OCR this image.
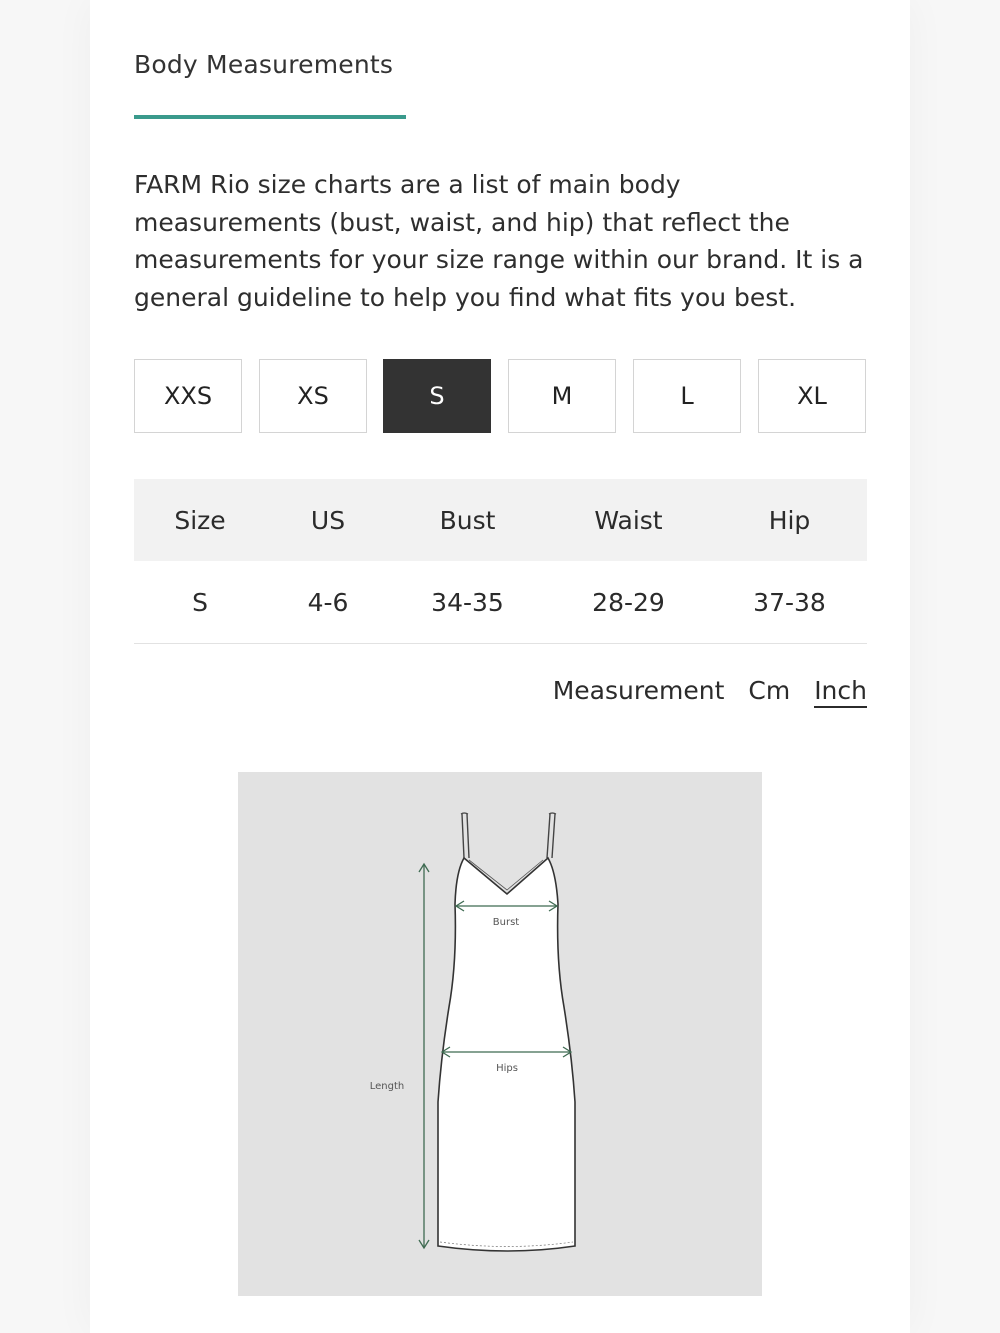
Body Measurements

FARM Rio size charts are a list of main body measurements (bust, waist, and hip) that reflect the measurements for your size range within our brand. It is a general guideline to help you find what fits you best.

XXS	XS	S	M	L	XL
Size	US	Bust	Waist	Hip
S	4-6	34-35	28-29	37-38
Measurement Cm Inch
Burst
Hips
Length
